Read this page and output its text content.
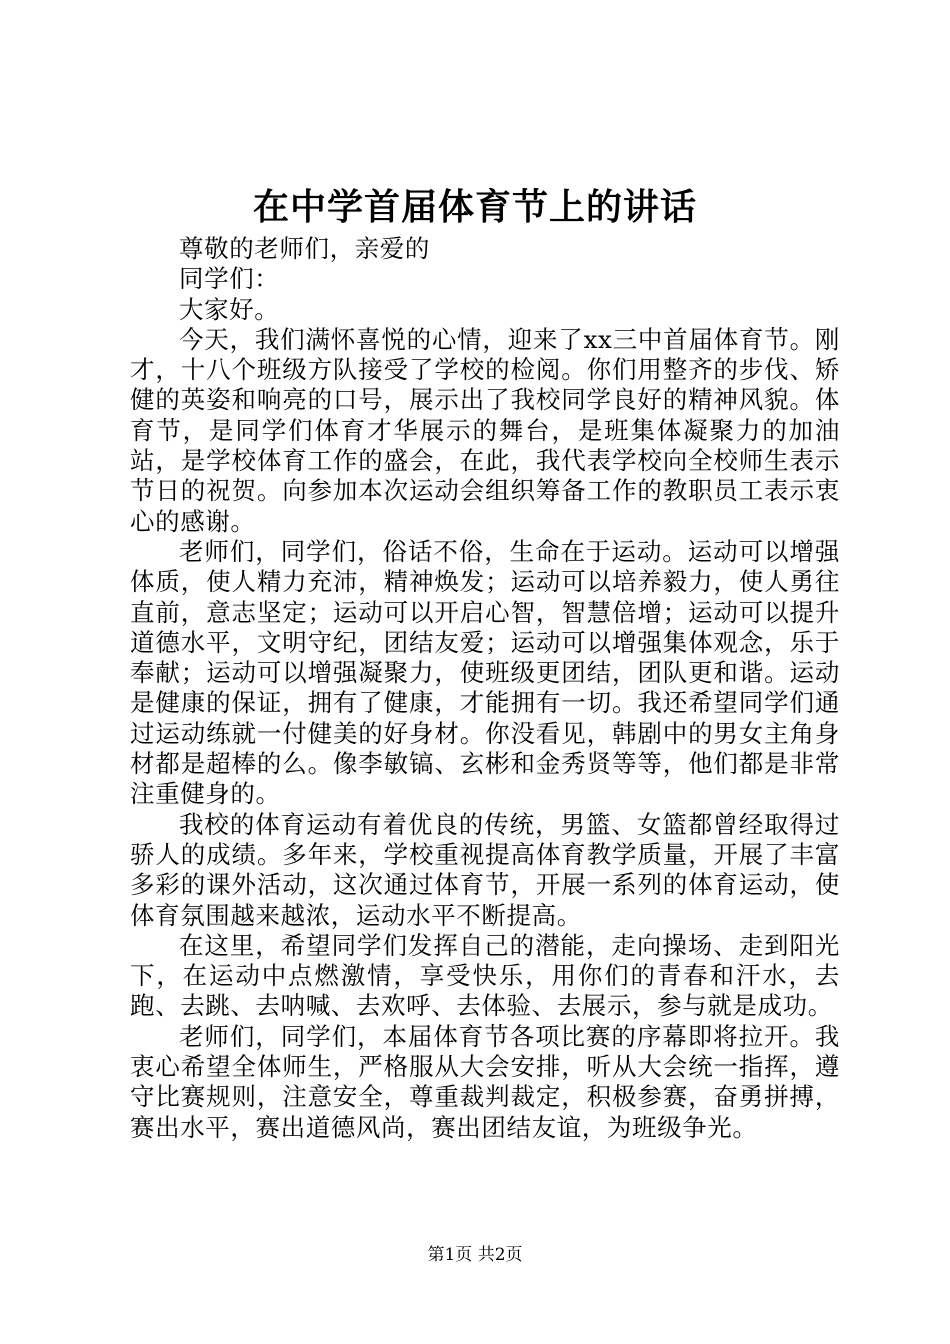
在中学首届体育节上的讲话

尊敬的老师们，亲爱的

同学们：

大家好。

今天，我们满怀喜悦的心情，迎来了xx三中首届体育节。刚才，十八个班级方队接受了学校的检阅。你们用整齐的步伐、矫健的英姿和响亮的口号，展示出了我校同学良好的精神风貌。体育节，是同学们体育才华展示的舞台，是班集体凝聚力的加油站，是学校体育工作的盛会，在此，我代表学校向全校师生表示节日的祝贺。向参加本次运动会组织筹备工作的教职员工表示衷心的感谢。

老师们，同学们，俗话不俗，生命在于运动。运动可以增强体质，使人精力充沛，精神焕发；运动可以培养毅力，使人勇往直前，意志坚定；运动可以开启心智，智慧倍增；运动可以提升道德水平，文明守纪，团结友爱；运动可以增强集体观念，乐于奉献；运动可以增强凝聚力，使班级更团结，团队更和谐。运动是健康的保证，拥有了健康，才能拥有一切。我还希望同学们通过运动练就一付健美的好身材。你没看见，韩剧中的男女主角身材都是超棒的么。像李敏镐、玄彬和金秀贤等等，他们都是非常注重健身的。

我校的体育运动有着优良的传统，男篮、女篮都曾经取得过骄人的成绩。多年来，学校重视提高体育教学质量，开展了丰富多彩的课外活动，这次通过体育节，开展一系列的体育运动，使体育氛围越来越浓，运动水平不断提高。

在这里，希望同学们发挥自己的潜能，走向操场、走到阳光下，在运动中点燃激情，享受快乐，用你们的青春和汗水，去跑、去跳、去呐喊、去欢呼、去体验、去展示，参与就是成功。

老师们，同学们，本届体育节各项比赛的序幕即将拉开。我衷心希望全体师生，严格服从大会安排，听从大会统一指挥，遵守比赛规则，注意安全，尊重裁判裁定，积极参赛，奋勇拼搏，赛出水平，赛出道德风尚，赛出团结友谊，为班级争光。

第1页 共2页
